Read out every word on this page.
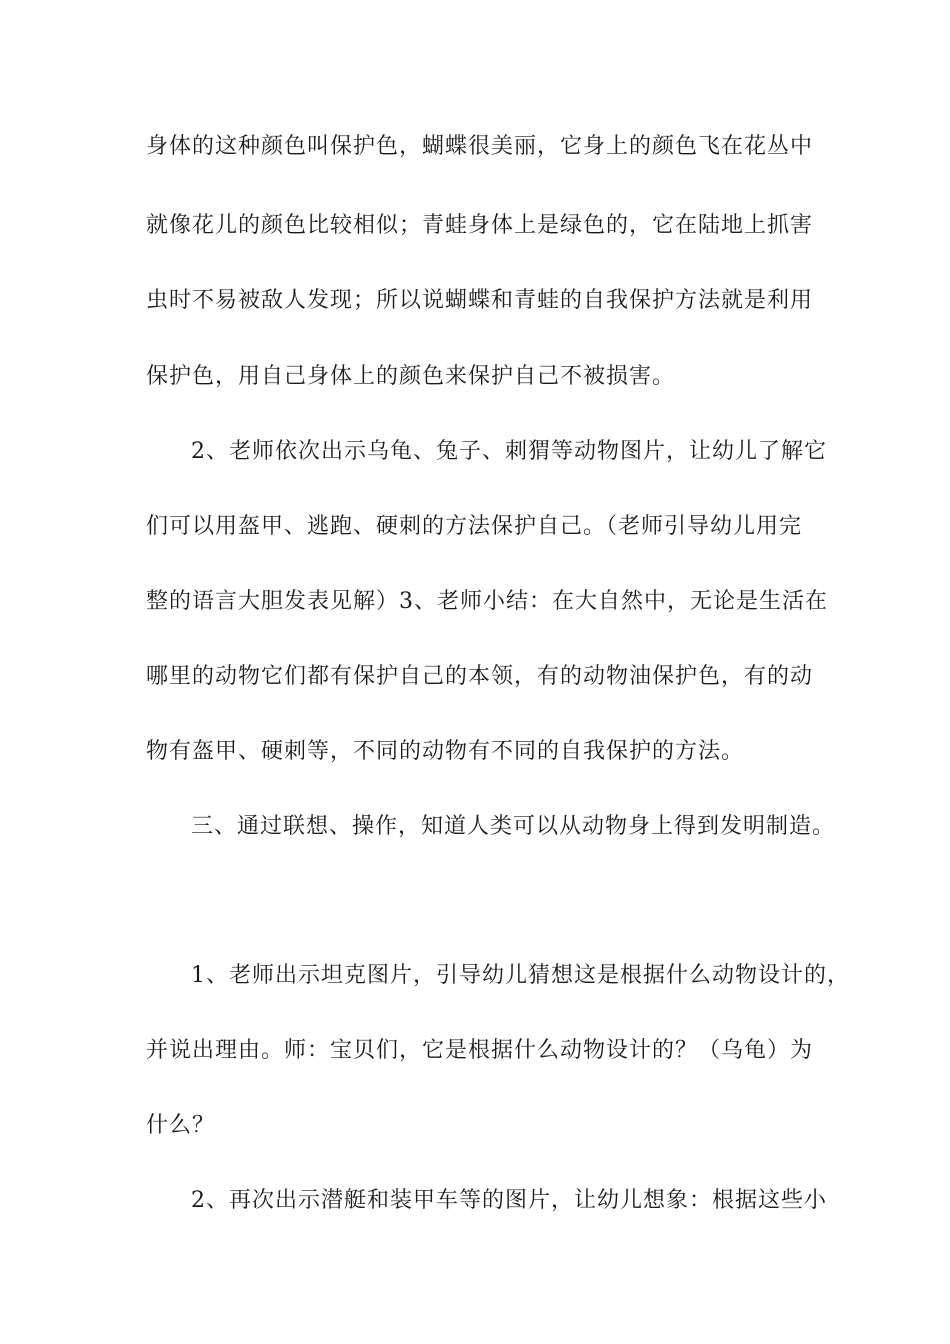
身体的这种颜色叫保护色，蝴蝶很美丽，它身上的颜色飞在花丛中
就像花儿的颜色比较相似；青蛙身体上是绿色的，它在陆地上抓害
虫时不易被敌人发现；所以说蝴蝶和青蛙的自我保护方法就是利用
保护色，用自己身体上的颜色来保护自己不被损害。
2、老师依次出示乌龟、兔子、刺猬等动物图片，让幼儿了解它
们可以用盔甲、逃跑、硬刺的方法保护自己。（老师引导幼儿用完
整的语言大胆发表见解）3、老师小结：在大自然中，无论是生活在
哪里的动物它们都有保护自己的本领，有的动物油保护色，有的动
物有盔甲、硬刺等，不同的动物有不同的自我保护的方法。
三、通过联想、操作，知道人类可以从动物身上得到发明制造。
1、老师出示坦克图片，引导幼儿猜想这是根据什么动物设计的，
并说出理由。师：宝贝们，它是根据什么动物设计的？（乌龟）为
什么？
2、再次出示潜艇和装甲车等的图片，让幼儿想象：根据这些小
